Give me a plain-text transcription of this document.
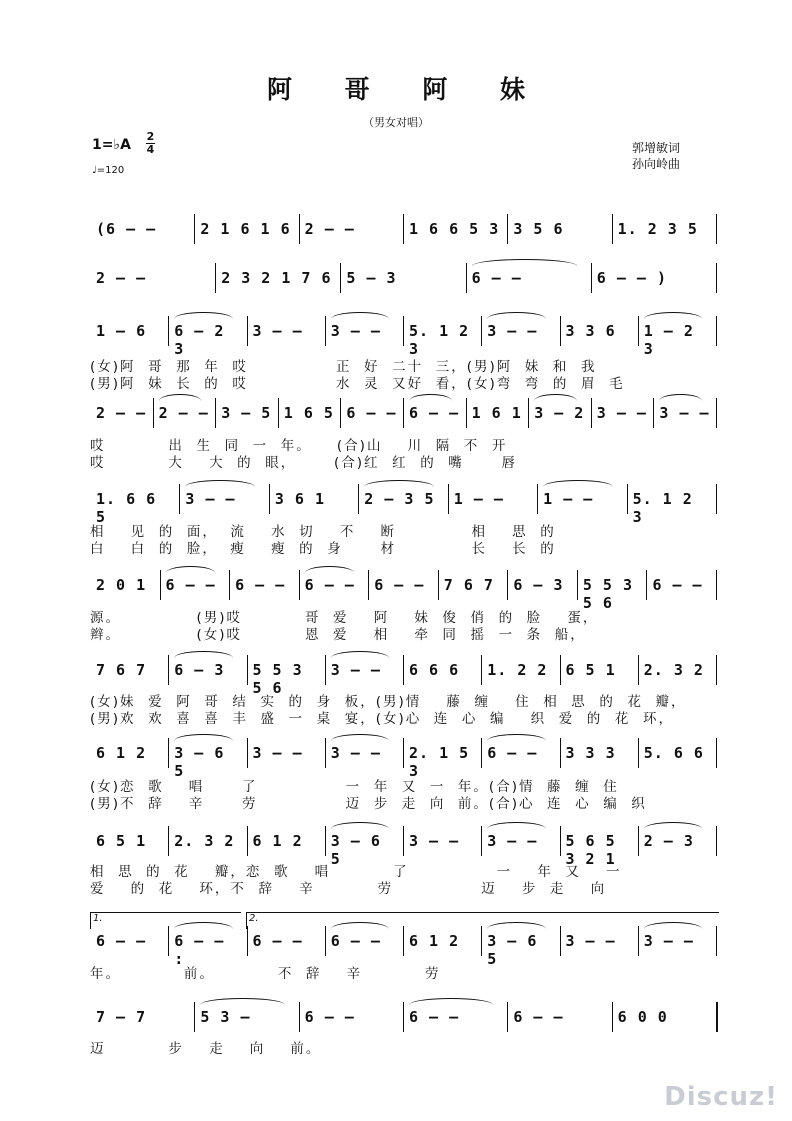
阿 哥 阿 妹
（男女对唱）
1=♭A
2
4
♩=120
郭增敏词
孙向岭曲
(6 – –	2 1 6 1 6 2 – –	1 6 6 5 3 3 5 6	1. 2 3 5
2 – –	2 3 2 1 7 6 5 – 3	6 – –	6 – – )
1 – 6	6 – 2 3
3 – –	3 – –	5. 1 2 3
3 – –	3 3 6	1 – 2 3
2 – – 2 – – 3 – 5 1 6 5 6 – – 6 – – 1 6 1 3 – 2 3 – – 3 – –
1. 6 6 5
3 – –	3 6 1	2 – 3 5	1 – –	1 – –	5. 1 2 3
2 0 1	6 – –	6 – –	6 – –	6 – –	7 6 7	6 – 3	5 5 3 5 6
6 – –
7 6 7	6 – 3	5 5 3 5 6
3 – –	6 6 6	1. 2 2	6 5 1	2. 3 2
6 1 2	3 – 6 5
3 – –	3 – –	2. 1 5 3
6 – –	3 3 3	5. 6 6
6 5 1	2. 3 2	6 1 2	3 – 6 5
3 – –	3 – –	5 6 5 3 2 1
2 – 3
6 – –	6 – – :
6 – –	6 – –	6 1 2	3 – 6 5
3 – –	3 – –
7 – 7	5 3 –	6 – –	6 – –	6 – –	6 0 0
1.	2.
(女)阿  哥  那  年  哎              正  好  二十  三，(男)阿  妹  和  我
(男)阿  妹  长  的  哎              水  灵  又好  看，(女)弯  弯  的  眉  毛
哎          出  生  同  一  年。    (合)山    川  隔  不  开
哎          大    大  的  眼，      (合)红  红  的  嘴      唇
相    见  的  面，  流    水  切    不    断            相    思  的
白    白  的  脸，  瘦    瘦  的  身      材            长    长  的
源。            (男)哎          哥  爱    阿    妹  俊  俏  的  脸    蛋，
辫。            (女)哎          恩  爱    相    牵  同  摇  一  条  船，
(女)妹  爱  阿  哥  结  实  的  身  板，(男)情    藤  缠    住  相  思  的  花  瓣，
(男)欢  欢  喜  喜  丰  盛  一  桌  宴，(女)心  连  心  编    织  爱  的  花  环，
(女)恋  歌    唱      了              一  年  又  一  年。(合)情  藤  缠  住
(男)不  辞    辛      劳              迈  步  走  向  前。(合)心  连  心  编  织
相  思  的  花    瓣，恋  歌    唱          了              一    年  又    一
爱    的  花    环，不  辞    辛          劳              迈    步  走    向
年。          前。          不  辞    辛          劳
迈          步    走    向    前。
Discuz!
